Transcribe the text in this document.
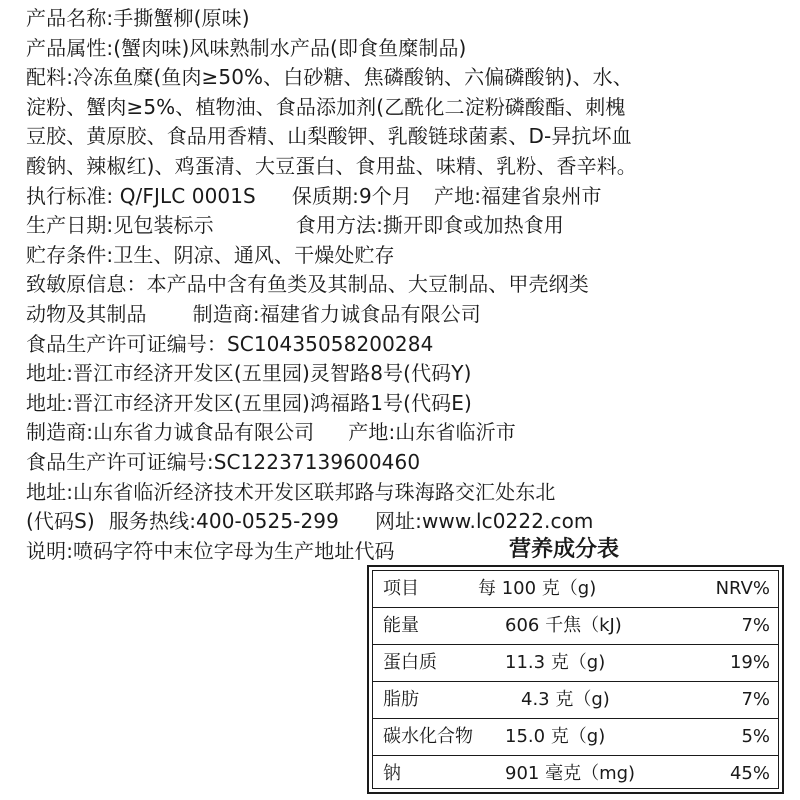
产品名称:手撕蟹柳(原味)
产品属性:(蟹肉味)风味熟制水产品(即食鱼糜制品)
配料:冷冻鱼糜(鱼肉≥50%、白砂糖、焦磷酸钠、六偏磷酸钠)、水、
淀粉、蟹肉≥5%、植物油、食品添加剂(乙酰化二淀粉磷酸酯、刺槐
豆胶、黄原胶、食品用香精、山梨酸钾、乳酸链球菌素、D-异抗坏血
酸钠、辣椒红)、鸡蛋清、大豆蛋白、食用盐、味精、乳粉、香辛料。
执行标准: Q/FJLC 0001S 保质期:9个月 产地:福建省泉州市
生产日期:见包装标示	食用方法:撕开即食或加热食用
贮存条件:卫生、阴凉、通风、干燥处贮存
致敏原信息：本产品中含有鱼类及其制品、大豆制品、甲壳纲类
动物及其制品 制造商:福建省力诚食品有限公司
食品生产许可证编号：SC10435058200284
地址:晋江市经济开发区(五里园)灵智路8号(代码Y)
地址:晋江市经济开发区(五里园)鸿福路1号(代码E)
制造商:山东省力诚食品有限公司 产地:山东省临沂市
食品生产许可证编号:SC12237139600460
地址:山东省临沂经济技术开发区联邦路与珠海路交汇处东北
(代码S) 服务热线:400-0525-299 网址:www.lc0222.com
说明:喷码字符中末位字母为生产地址代码	营养成分表
项目	每 100 克（g)	NRV%
能量	606 千焦（kJ)	7%
蛋白质	11.3 克（g)	19%
脂肪	4.3 克（g)	7%
碳水化合物 15.0 克（g)	5%
钠	901 毫克（mg)	45%
